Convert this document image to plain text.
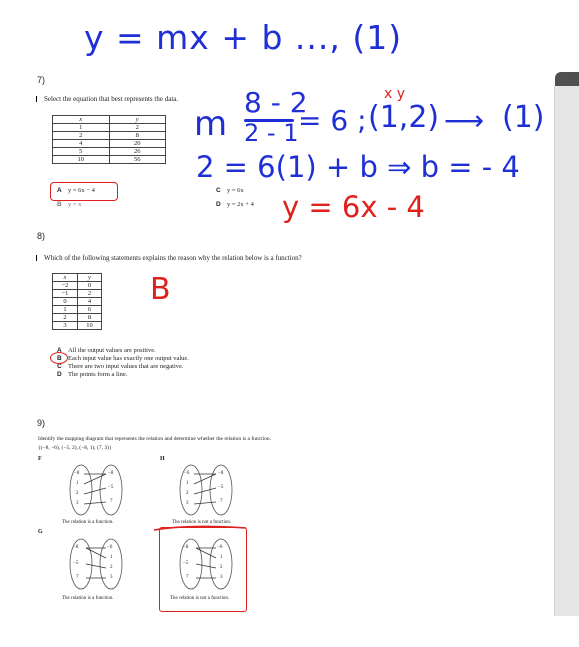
y = mx + b ..., (1)
7)
Select the equation that best represents the data.
x	y
1	2
2	8
4	20
5	26
10	56
A y = 6x − 4
B y = x
C y = 6x
D y = 2x + 4
m
8 - 2
2 - 1 = 6 ;
x y
(1,2) ⟶ (1)
2 = 6(1) + b ⇒ b = - 4
y = 6x - 4
8)
Which of the following statements explains the reason why the relation below is a function?
x	y
−2	0
−1	2
0	4
1	6
2	8
3	10
B
A All the output values are positive.
B Each input value has exactly one output value.
C There are two input values that are negative.
D The points form a line.
9)
Identify the mapping diagram that represents the relation and determine whether the relation is a function.
{(−8, −6), (−5, 2), (−8, 1), (7, 3)}
F	H
G
−8
1
2
3
−8
−5
7
The relation is a function.
−6
1
2
3
−8
−5
7
The relation is not a function.
−8
−5
7
−6
1
2
3
The relation is a function.
−8
−5
7
−6
1
2
3
The relation is not a function.
